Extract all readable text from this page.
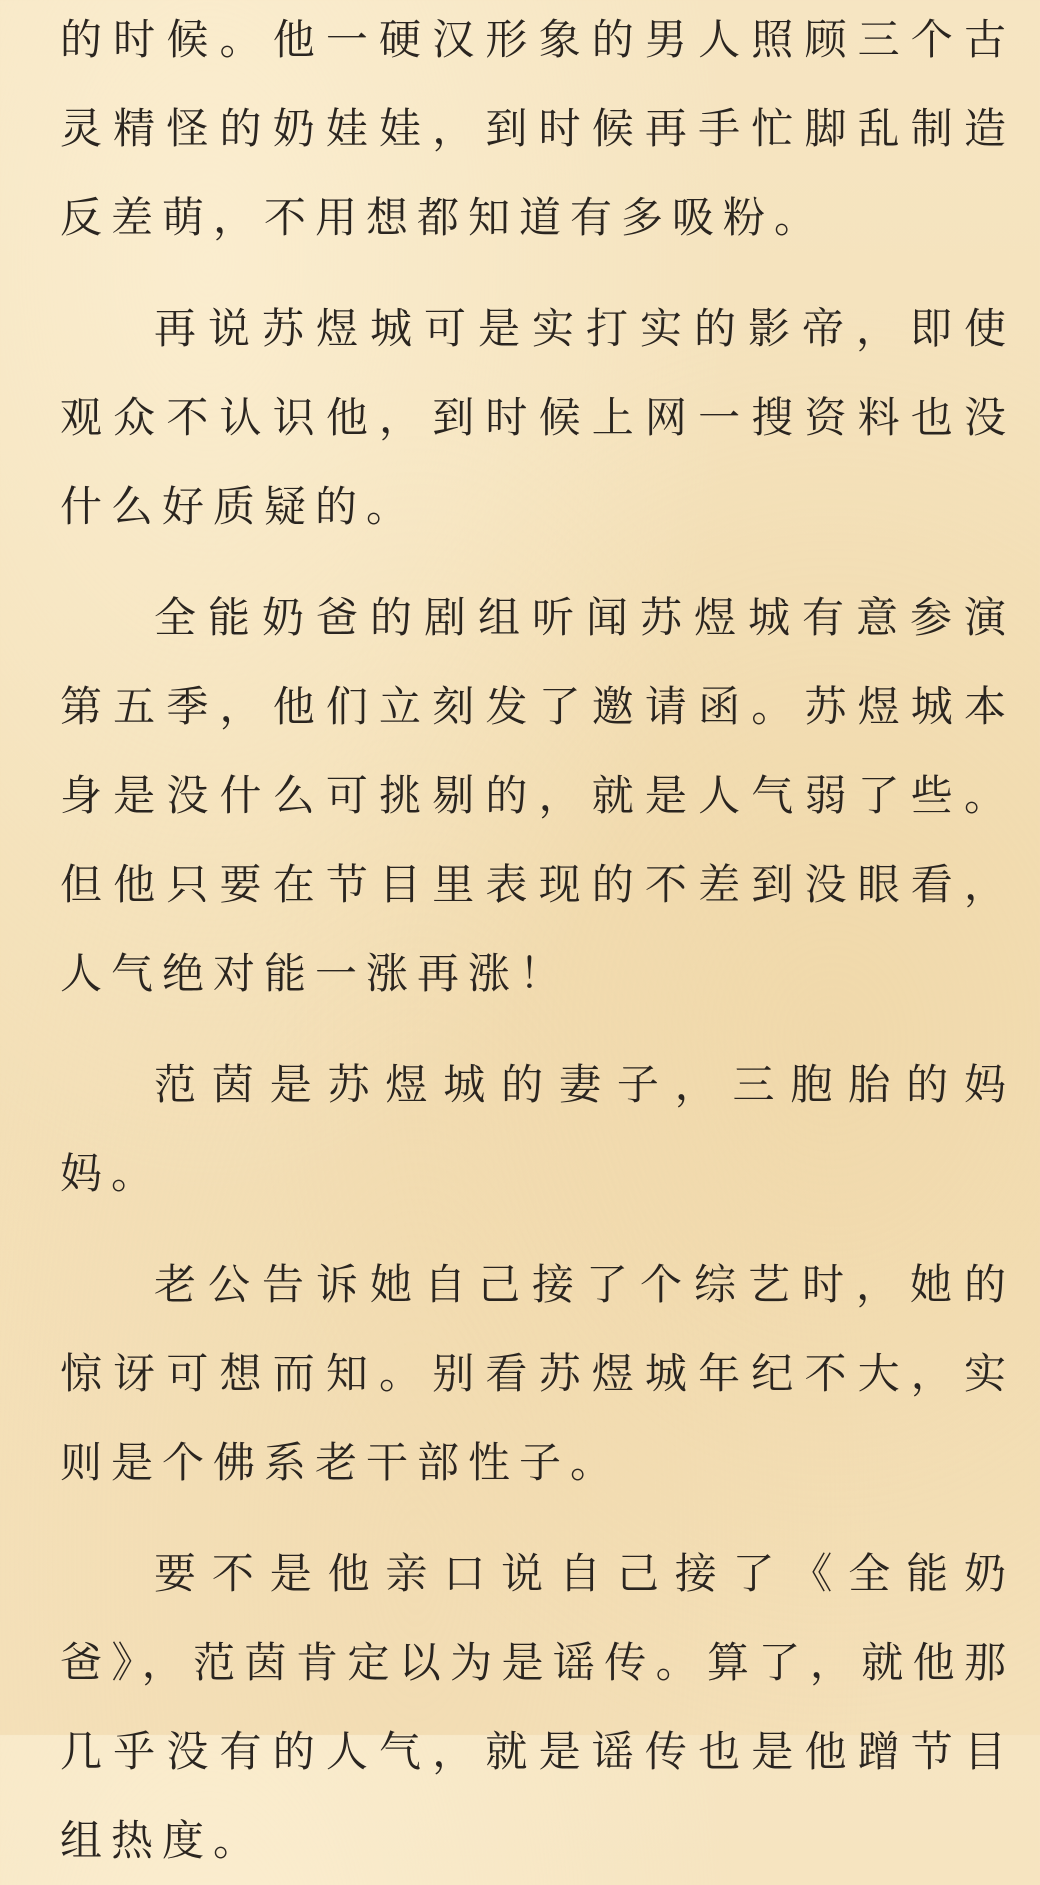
的时候。他一硬汉形象的男人照顾三个古灵精怪的奶娃娃，到时候再手忙脚乱制造反差萌，不用想都知道有多吸粉。

再说苏煜城可是实打实的影帝，即使观众不认识他，到时候上网一搜资料也没什么好质疑的。

全能奶爸的剧组听闻苏煜城有意参演第五季，他们立刻发了邀请函。苏煜城本身是没什么可挑剔的，就是人气弱了些。但他只要在节目里表现的不差到没眼看，人气绝对能一涨再涨！

范茵是苏煜城的妻子，三胞胎的妈妈。

老公告诉她自己接了个综艺时，她的惊讶可想而知。别看苏煜城年纪不大，实则是个佛系老干部性子。

要不是他亲口说自己接了《全能奶爸》，范茵肯定以为是谣传。算了，就他那几乎没有的人气，就是谣传也是他蹭节目组热度。
